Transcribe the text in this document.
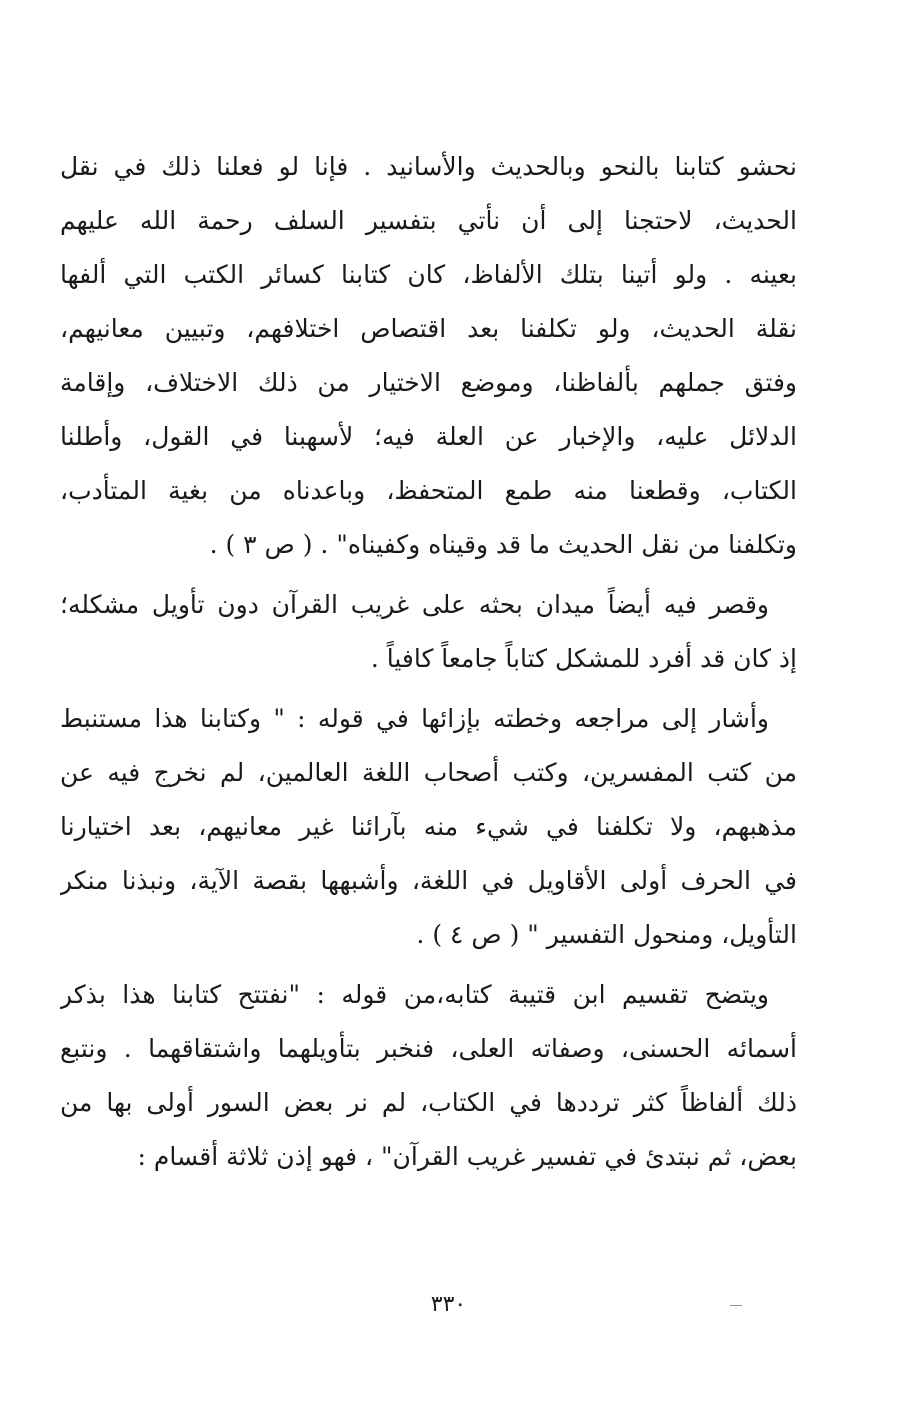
نحشو كتابنا بالنحو وبالحديث والأسانيد . فإنا لو فعلنا ذلك في نقل
الحديث، لاحتجنا إلى أن نأتي بتفسير السلف رحمة الله عليهم
بعينه . ولو أتينا بتلك الألفاظ، كان كتابنا كسائر الكتب التي ألفها
نقلة الحديث، ولو تكلفنا بعد اقتصاص اختلافهم، وتبيين معانيهم،
وفتق جملهم بألفاظنا، وموضع الاختيار من ذلك الاختلاف، وإقامة
الدلائل عليه، والإخبار عن العلة فيه؛ لأسهبنا في القول، وأطلنا
الكتاب، وقطعنا منه طمع المتحفظ، وباعدناه من بغية المتأدب،
وتكلفنا من نقل الحديث ما قد وقيناه وكفيناه" . ( ص ٣ ) .
وقصر فيه أيضاً ميدان بحثه على غريب القرآن دون تأويل مشكله؛
إذ كان قد أفرد للمشكل كتاباً جامعاً كافياً .
وأشار إلى مراجعه وخطته بإزائها في قوله : " وكتابنا هذا مستنبط
من كتب المفسرين، وكتب أصحاب اللغة العالمين، لم نخرج فيه عن
مذهبهم، ولا تكلفنا في شيء منه بآرائنا غير معانيهم، بعد اختيارنا
في الحرف أولى الأقاويل في اللغة، وأشبهها بقصة الآية، ونبذنا منكر
التأويل، ومنحول التفسير " ( ص ٤ ) .
ويتضح تقسيم ابن قتيبة كتابه،من قوله : "نفتتح كتابنا هذا بذكر
أسمائه الحسنى، وصفاته العلى، فنخبر بتأويلهما واشتقاقهما . ونتبع
ذلك ألفاظاً كثر ترددها في الكتاب، لم نر بعض السور أولى بها من
بعض، ثم نبتدئ في تفسير غريب القرآن" ، فهو إذن ثلاثة أقسام :
٣٣٠
